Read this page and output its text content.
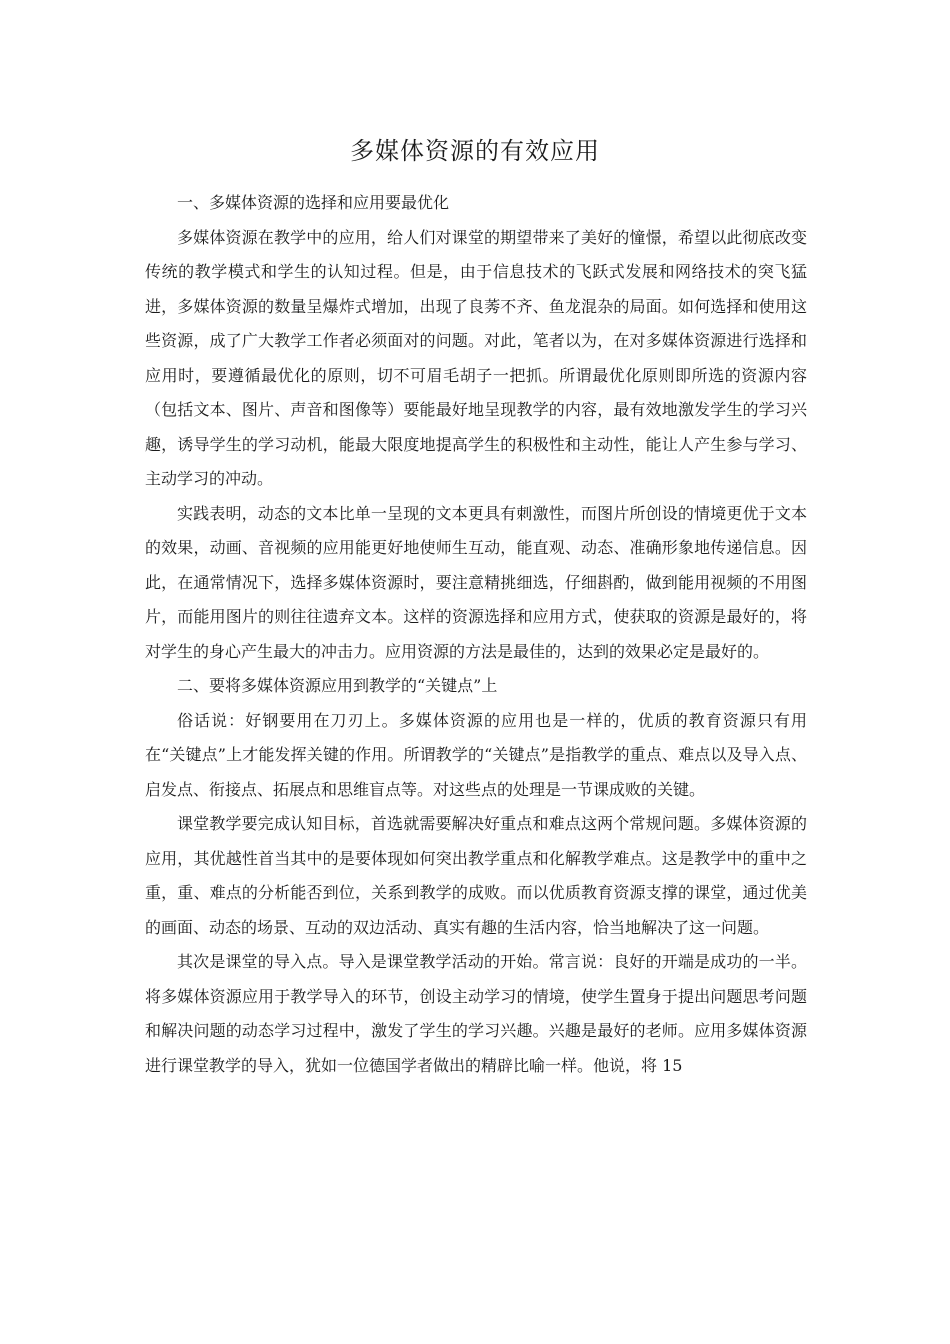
多媒体资源的有效应用

一、多媒体资源的选择和应用要最优化

多媒体资源在教学中的应用，给人们对课堂的期望带来了美好的憧憬，希望以此彻底改变传统的教学模式和学生的认知过程。但是，由于信息技术的飞跃式发展和网络技术的突飞猛进，多媒体资源的数量呈爆炸式增加，出现了良莠不齐、鱼龙混杂的局面。如何选择和使用这些资源，成了广大教学工作者必须面对的问题。对此，笔者以为，在对多媒体资源进行选择和应用时，要遵循最优化的原则，切不可眉毛胡子一把抓。所谓最优化原则即所选的资源内容（包括文本、图片、声音和图像等）要能最好地呈现教学的内容，最有效地激发学生的学习兴趣，诱导学生的学习动机，能最大限度地提高学生的积极性和主动性，能让人产生参与学习、主动学习的冲动。

实践表明，动态的文本比单一呈现的文本更具有刺激性，而图片所创设的情境更优于文本的效果，动画、音视频的应用能更好地使师生互动，能直观、动态、准确形象地传递信息。因此，在通常情况下，选择多媒体资源时，要注意精挑细选，仔细斟酌，做到能用视频的不用图片，而能用图片的则往往遗弃文本。这样的资源选择和应用方式，使获取的资源是最好的，将对学生的身心产生最大的冲击力。应用资源的方法是最佳的，达到的效果必定是最好的。

二、要将多媒体资源应用到教学的“关键点”上

俗话说：好钢要用在刀刃上。多媒体资源的应用也是一样的，优质的教育资源只有用在“关键点”上才能发挥关键的作用。所谓教学的“关键点”是指教学的重点、难点以及导入点、启发点、衔接点、拓展点和思维盲点等。对这些点的处理是一节课成败的关键。

课堂教学要完成认知目标，首选就需要解决好重点和难点这两个常规问题。多媒体资源的应用，其优越性首当其中的是要体现如何突出教学重点和化解教学难点。这是教学中的重中之重，重、难点的分析能否到位，关系到教学的成败。而以优质教育资源支撑的课堂，通过优美的画面、动态的场景、互动的双边活动、真实有趣的生活内容，恰当地解决了这一问题。

其次是课堂的导入点。导入是课堂教学活动的开始。常言说：良好的开端是成功的一半。将多媒体资源应用于教学导入的环节，创设主动学习的情境，使学生置身于提出问题思考问题和解决问题的动态学习过程中，激发了学生的学习兴趣。兴趣是最好的老师。应用多媒体资源进行课堂教学的导入，犹如一位德国学者做出的精辟比喻一样。他说，将 15
